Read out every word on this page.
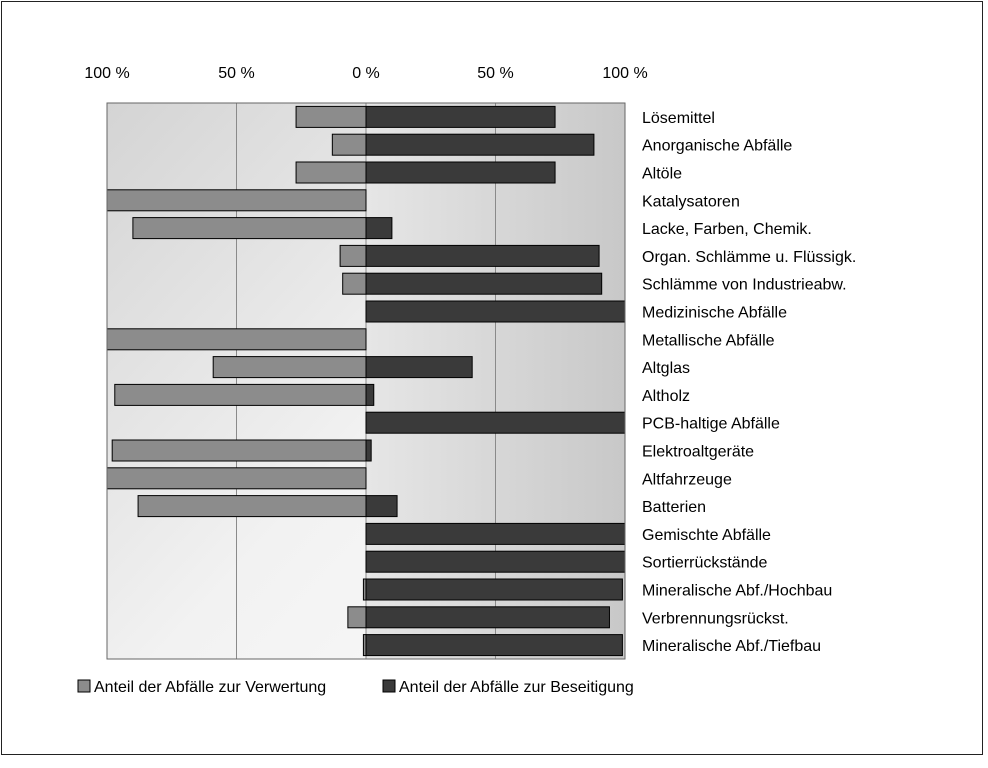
100 %	50 %	0 %	50 %	100 %
Lösemittel
Anorganische Abfälle
Altöle
Katalysatoren
Lacke, Farben, Chemik.
Organ. Schlämme u. Flüssigk.
Schlämme von Industrieabw.
Medizinische Abfälle
Metallische Abfälle
Altglas
Altholz
PCB-haltige Abfälle
Elektroaltgeräte
Altfahrzeuge
Batterien
Gemischte Abfälle
Sortierrückstände
Mineralische Abf./Hochbau
Verbrennungsrückst.
Mineralische Abf./Tiefbau
Anteil der Abfälle zur Verwertung	Anteil der Abfälle zur Beseitigung
